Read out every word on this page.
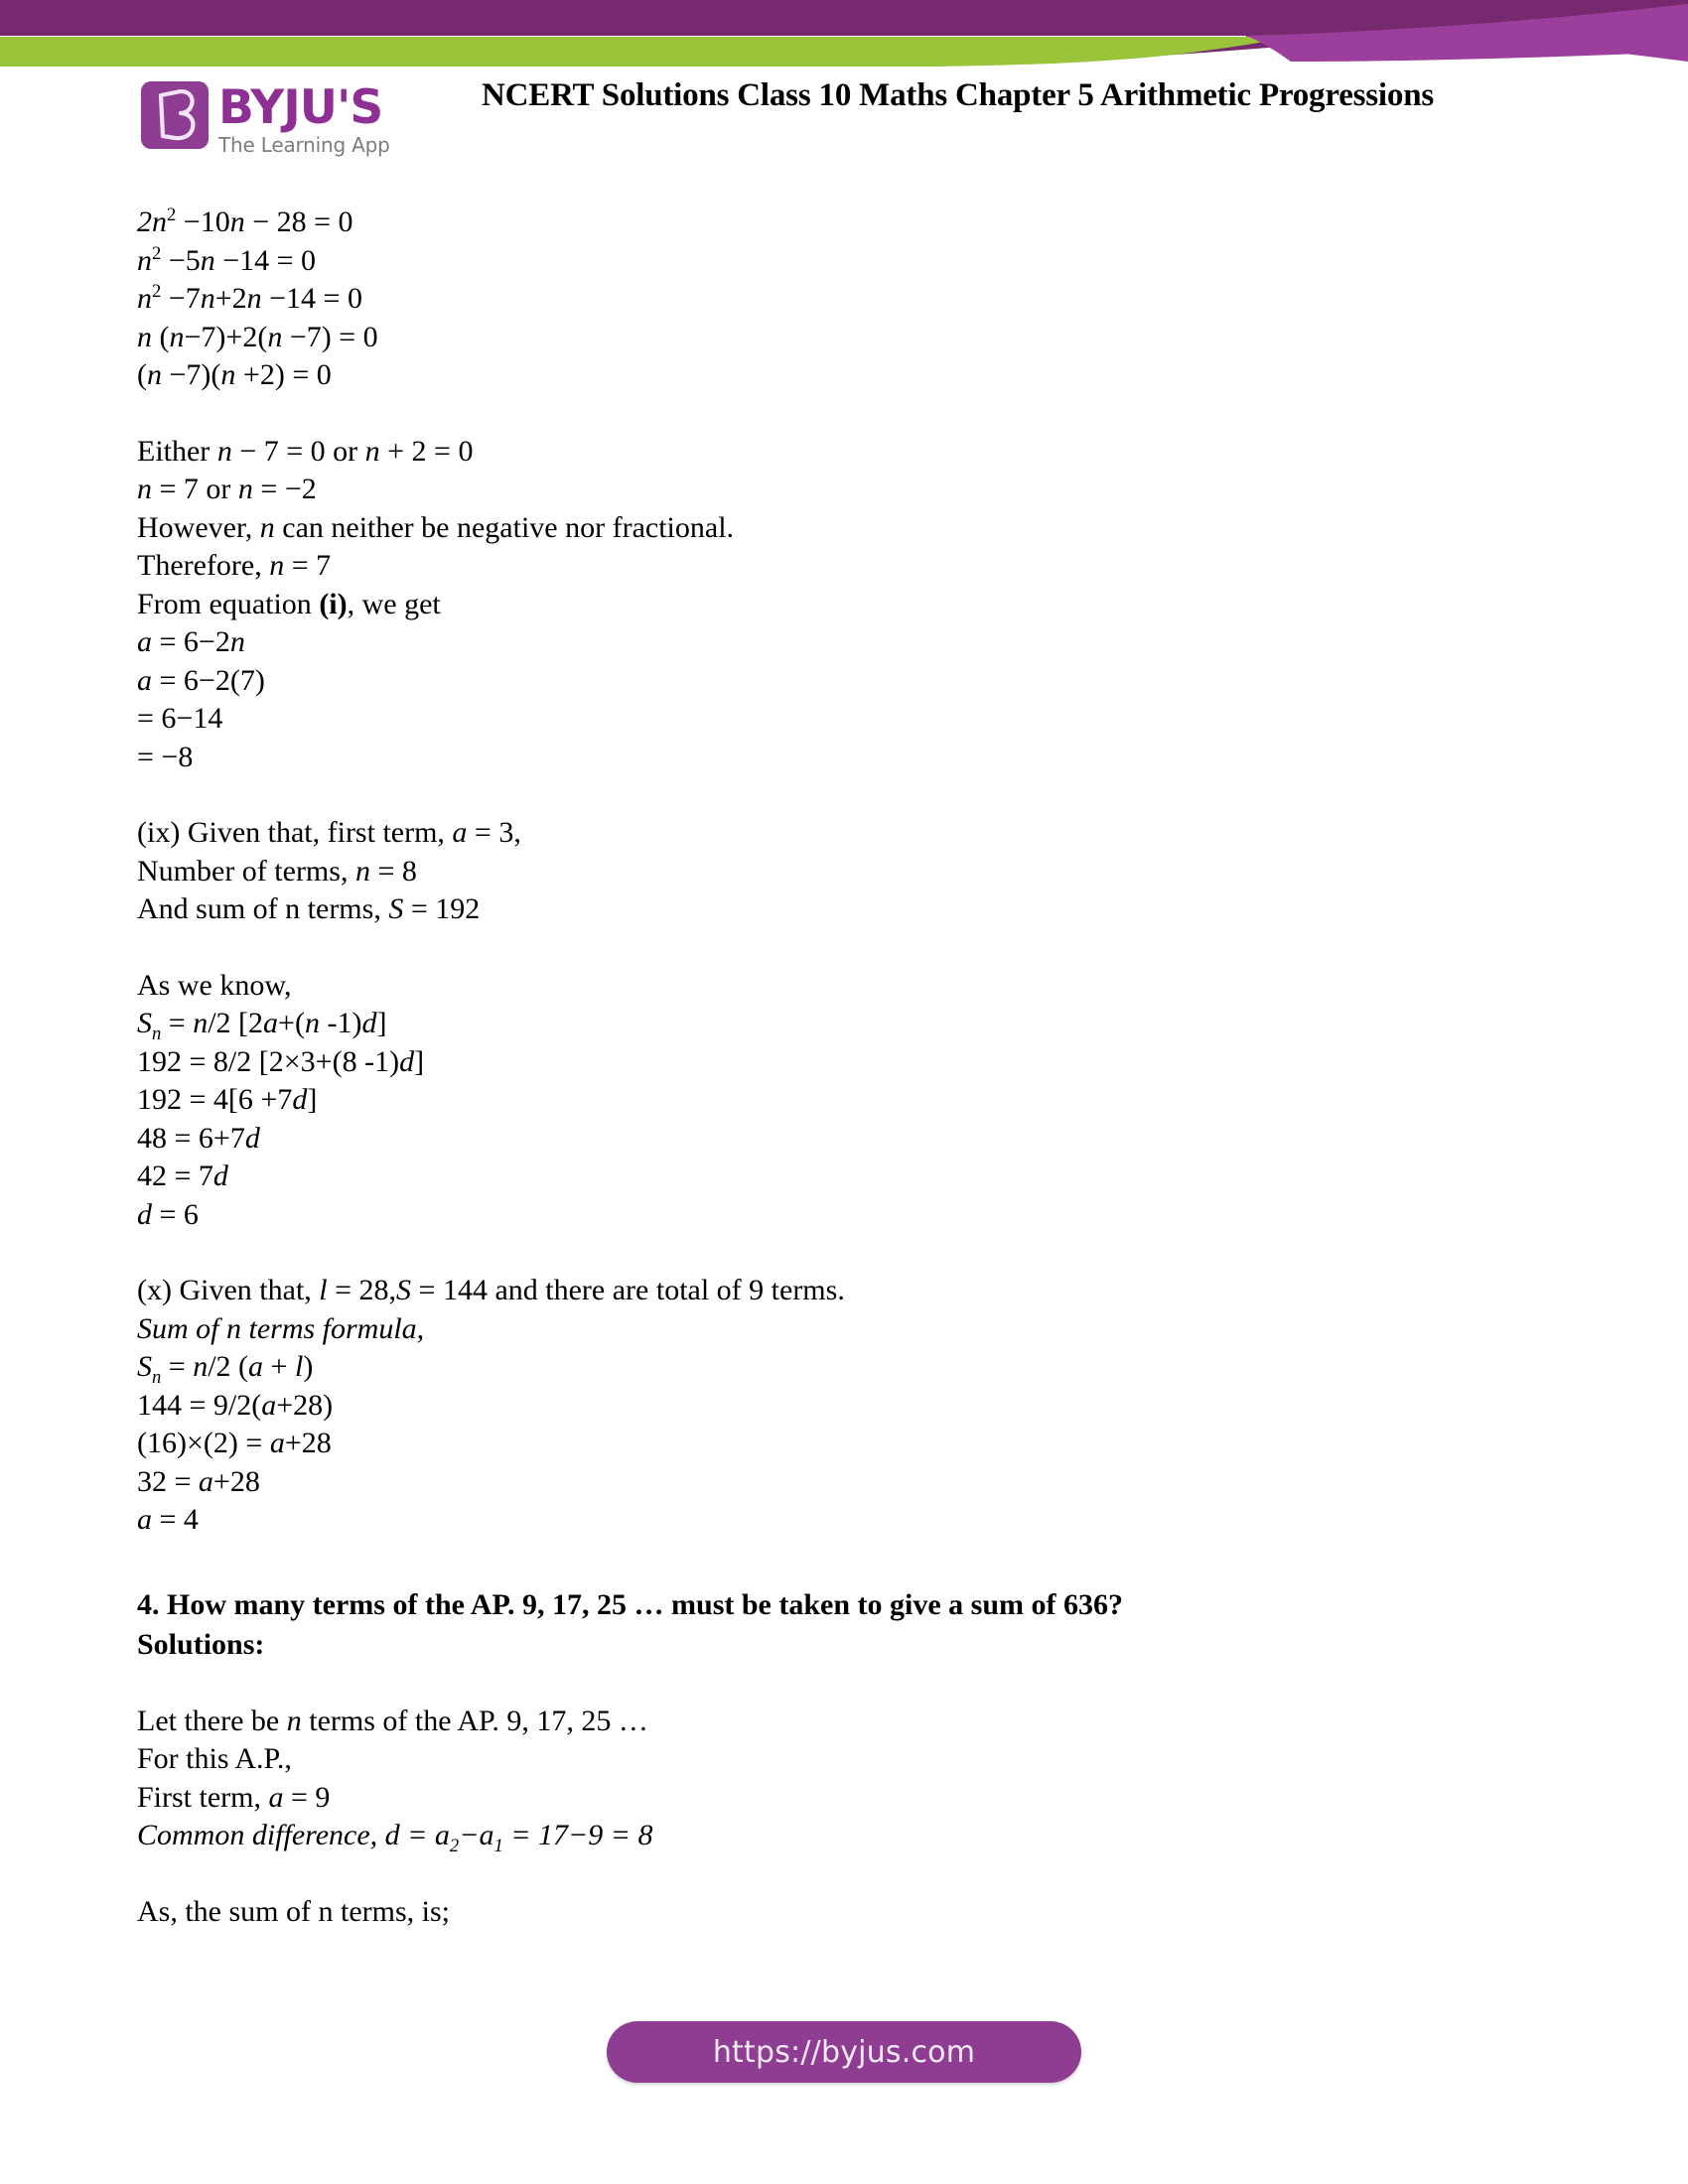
BYJU'S
The Learning App
NCERT Solutions Class 10 Maths Chapter 5 Arithmetic Progressions
$2n^2 -10n - 28 = 0$
$n^2 -5n -14 = 0$
$n^2 -7n+2n -14 = 0$
n (n−7)+2(n −7) = 0
(n −7)(n +2) = 0
Either n − 7 = 0 or n + 2 = 0
n = 7 or n = −2
However, n can neither be negative nor fractional.
Therefore, n = 7
From equation (i), we get
a = 6−2n
a = 6−2(7)
= 6−14
= −8
(ix) Given that, first term, a = 3,
Number of terms, n = 8
And sum of n terms, S = 192
As we know,
$S_n = n/2$ [2a+(n -1)d]
192 = 8/2 [2×3+(8 -1)d]
192 = 4[6 +7d]
48 = 6+7d
42 = 7d
d = 6
(x) Given that, l = 28,S = 144 and there are total of 9 terms.
Sum of n terms formula,
$S_n = n/2$ (a + l)
144 = 9/2(a+28)
(16)×(2) = a+28
32 = a+28
a = 4
4. How many terms of the AP. 9, 17, 25 … must be taken to give a sum of 636?
Solutions:
Let there be n terms of the AP. 9, 17, 25 …
For this A.P.,
First term, a = 9
Common difference, $d = a_2-a_1 = 17-9 = 8$
As, the sum of n terms, is;
https://byjus.com
